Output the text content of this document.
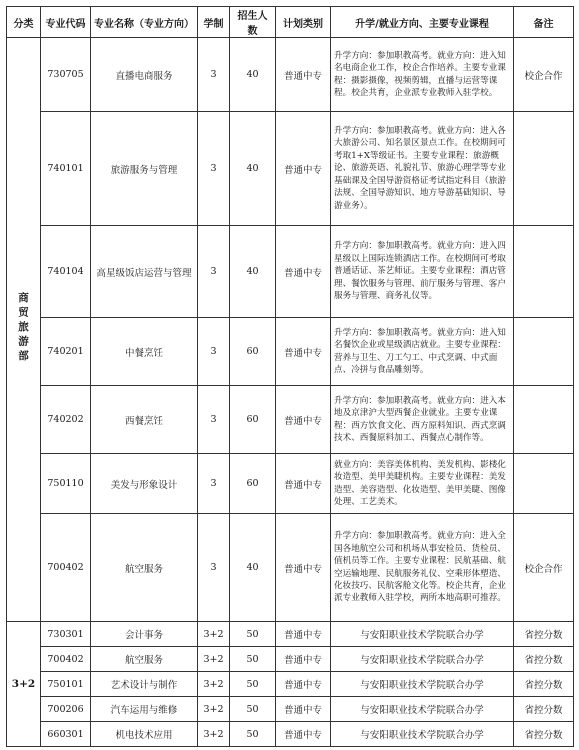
分类	专业代码	专业名称（专业方向）	学制	招生人数	计划类别	升学/就业方向、主要专业课程	备注
商贸旅游部	730705	直播电商服务	3	40	普通中专	升学方向：参加职教高考。就业方向：进入知名电商企业工作，校企合作培养。主要专业课程：摄影摄像，视频剪辑，直播与运营等课程。校企共育，企业派专业教师入驻学校。	校企合作
	740101	旅游服务与管理	3	40	普通中专	升学方向：参加职教高考。就业方向：进入各大旅游公司、知名景区景点工作。在校期间可考取1+X等级证书。主要专业课程：旅游概论、旅游英语、礼貌礼节、旅游心理学等专业基础课及全国导游资格证考试指定科目（旅游法规、全国导游知识、地方导游基础知识、导游业务）。	
	740104	高星级饭店运营与管理	3	40	普通中专	升学方向：参加职教高考。就业方向：进入四星级以上国际连锁酒店工作。在校期间可考取普通话证、茶艺师证。主要专业课程：酒店管理、餐饮服务与管理、前厅服务与管理、客户服务与管理、商务礼仪等。	
	740201	中餐烹饪	3	60	普通中专	升学方向：参加职教高考。就业方向：进入知名餐饮企业或星级酒店就业。主要专业课程：营养与卫生、刀工勺工、中式烹调、中式面点、冷拼与食品雕刻等。	
	740202	西餐烹饪	3	60	普通中专	升学方向：参加职教高考。就业方向：进入本地及京津沪大型西餐企业就业。主要专业课程：西方饮食文化、西方原料知识、西式烹调技术、西餐原料加工、西餐点心制作等。	
	750110	美发与形象设计	3	60	普通中专	就业方向：美容美体机构、美发机构、影楼化妆造型、美甲美睫机构。主要专业课程：美发造型、美容造型、化妆造型、美甲美睫、图像处理、工艺美术。	
	700402	航空服务	3	40	普通中专	升学方向：参加职教高考。就业方向：进入全国各地航空公司和机场从事安检员、货检员、值机员等工作。主要专业课程：民航基础、航空运输地理、民航服务礼仪、空乘形体塑造、化妆技巧、民航客舱文化等。校企共育，企业派专业教师入驻学校，两所本地高职可推荐。	校企合作
3+2	730301	会计事务	3+2	50	普通中专	与安阳职业技术学院联合办学	省控分数
	700402	航空服务	3+2	50	普通中专	与安阳职业技术学院联合办学	省控分数
	750101	艺术设计与制作	3+2	50	普通中专	与安阳职业技术学院联合办学	省控分数
	700206	汽车运用与维修	3+2	50	普通中专	与安阳职业技术学院联合办学	省控分数
	660301	机电技术应用	3+2	50	普通中专	与安阳职业技术学院联合办学	省控分数
